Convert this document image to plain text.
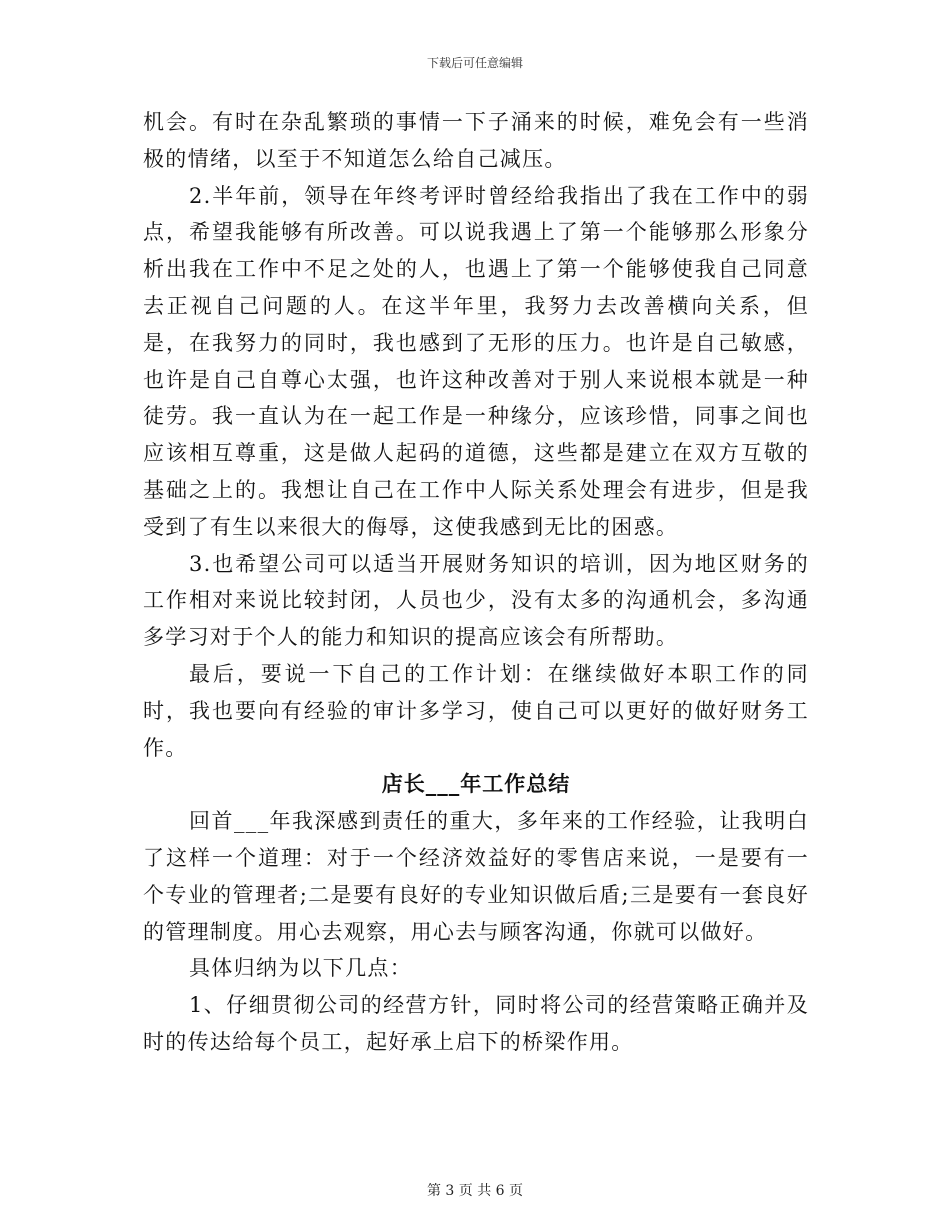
下载后可任意编辑

机会。有时在杂乱繁琐的事情一下子涌来的时候，难免会有一些消极的情绪，以至于不知道怎么给自己减压。

2.半年前，领导在年终考评时曾经给我指出了我在工作中的弱点，希望我能够有所改善。可以说我遇上了第一个能够那么形象分析出我在工作中不足之处的人，也遇上了第一个能够使我自己同意去正视自己问题的人。在这半年里，我努力去改善横向关系，但是，在我努力的同时，我也感到了无形的压力。也许是自己敏感，也许是自己自尊心太强，也许这种改善对于别人来说根本就是一种徒劳。我一直认为在一起工作是一种缘分，应该珍惜，同事之间也应该相互尊重，这是做人起码的道德，这些都是建立在双方互敬的基础之上的。我想让自己在工作中人际关系处理会有进步，但是我受到了有生以来很大的侮辱，这使我感到无比的困惑。

3.也希望公司可以适当开展财务知识的培训，因为地区财务的工作相对来说比较封闭，人员也少，没有太多的沟通机会，多沟通多学习对于个人的能力和知识的提高应该会有所帮助。

最后，要说一下自己的工作计划：在继续做好本职工作的同时，我也要向有经验的审计多学习，使自己可以更好的做好财务工作。

店长___年工作总结

回首___年我深感到责任的重大，多年来的工作经验，让我明白了这样一个道理：对于一个经济效益好的零售店来说，一是要有一个专业的管理者;二是要有良好的专业知识做后盾;三是要有一套良好的管理制度。用心去观察，用心去与顾客沟通，你就可以做好。

具体归纳为以下几点：

1、仔细贯彻公司的经营方针，同时将公司的经营策略正确并及时的传达给每个员工，起好承上启下的桥梁作用。

第 3 页 共 6 页
